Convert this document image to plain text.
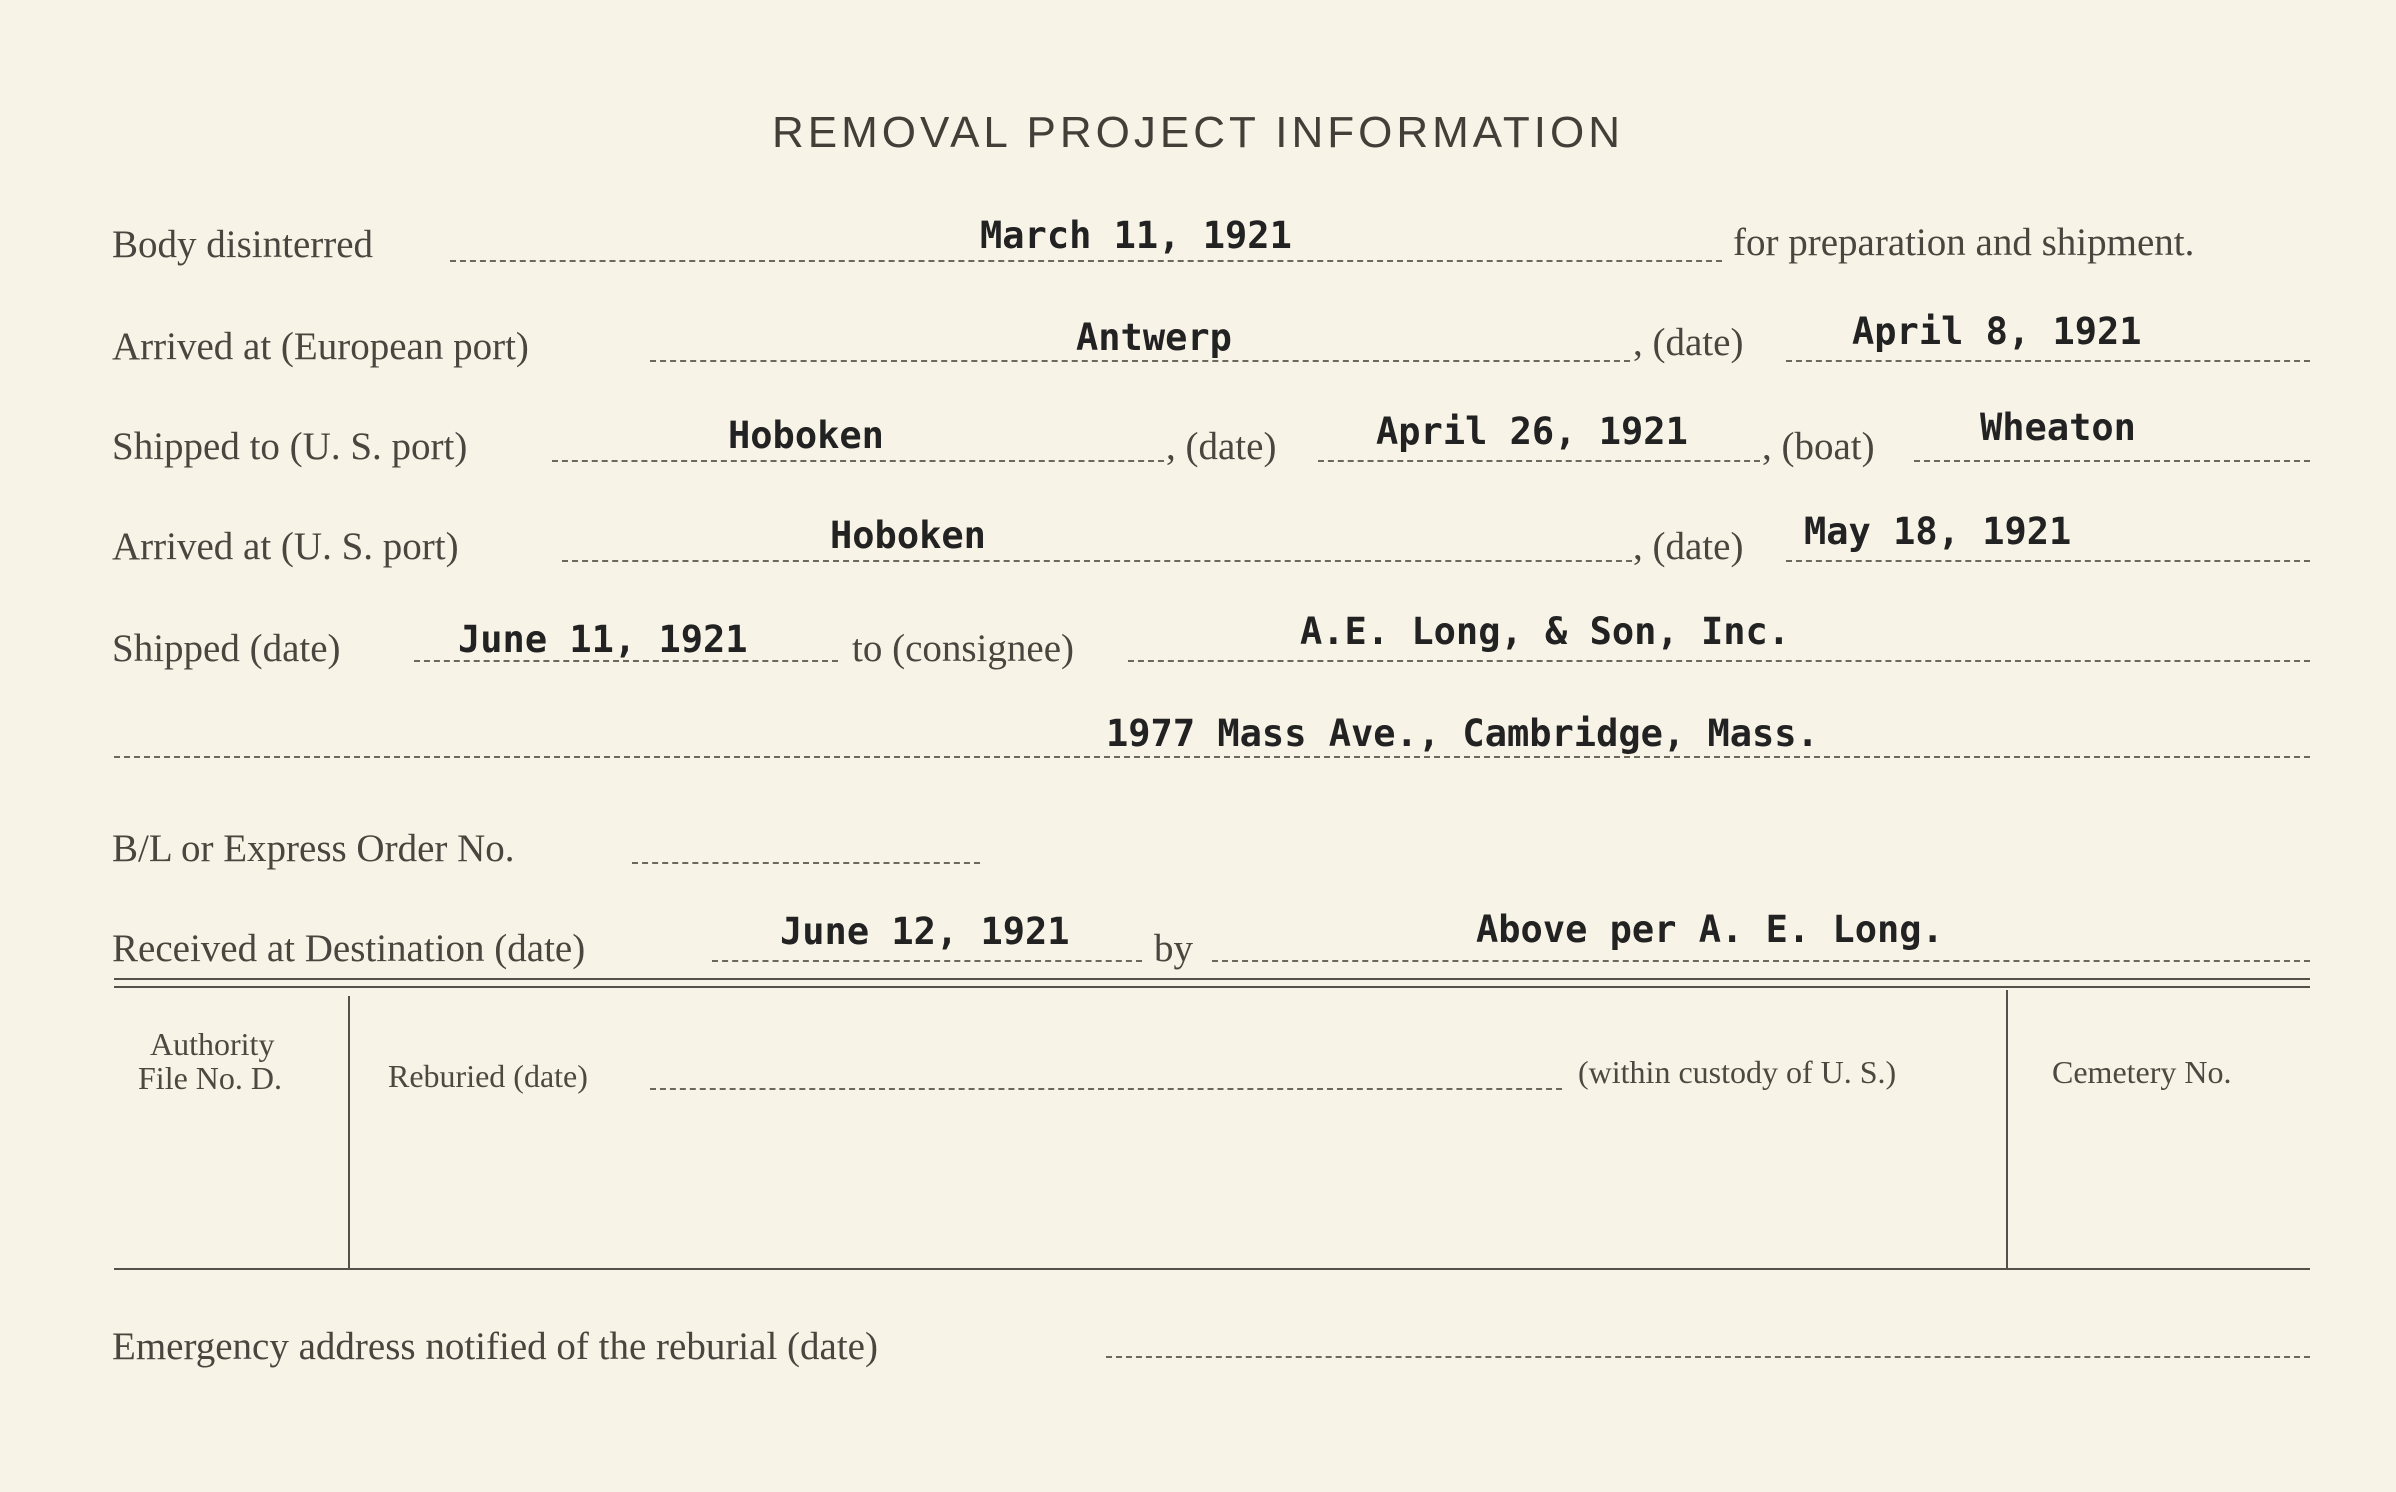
REMOVAL PROJECT INFORMATION
Body disinterred	March 11, 1921	for preparation and shipment.
Arrived at (European port)	Antwerp	, (date)	April 8, 1921
Shipped to (U. S. port)	Hoboken	, (date)	April 26, 1921 , (boat)	Wheaton
Arrived at (U. S. port)	Hoboken	, (date) May 18, 1921
Shipped (date)	June 11, 1921	to (consignee)	A.E. Long, & Son, Inc.
1977 Mass Ave., Cambridge, Mass.
B/L or Express Order No.
Received at Destination (date)	June 12, 1921 by	Above per A. E. Long.
Authority
File No. D.	Reburied (date)	(within custody of U. S.)	Cemetery No.
Emergency address notified of the reburial (date)
